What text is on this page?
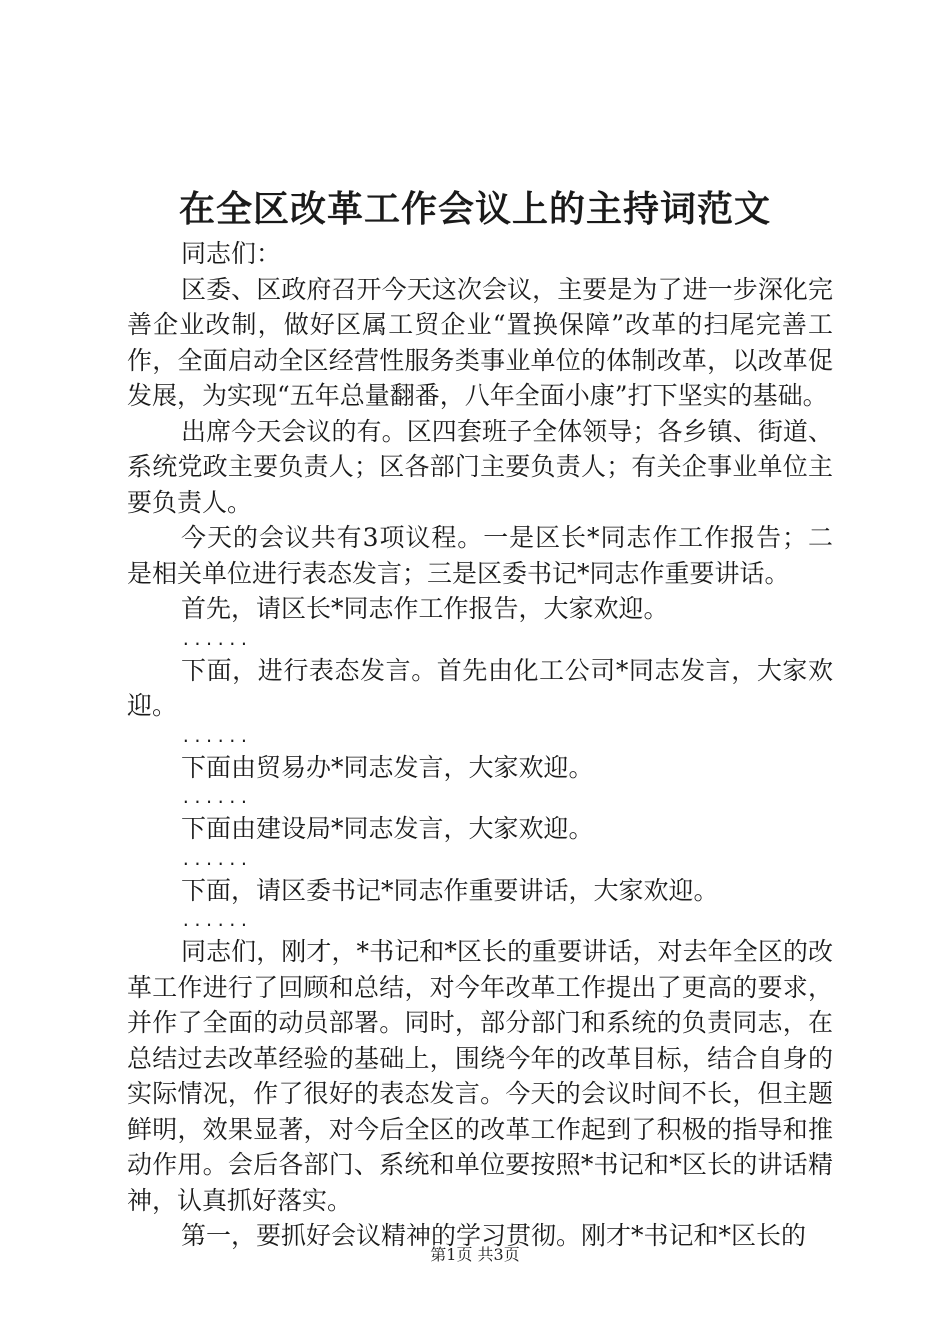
在全区改革工作会议上的主持词范文

同志们：

区委、区政府召开今天这次会议，主要是为了进一步深化完善企业改制，做好区属工贸企业“置换保障”改革的扫尾完善工作，全面启动全区经营性服务类事业单位的体制改革，以改革促发展，为实现“五年总量翻番，八年全面小康”打下坚实的基础。

出席今天会议的有。区四套班子全体领导；各乡镇、街道、系统党政主要负责人；区各部门主要负责人；有关企事业单位主要负责人。

今天的会议共有3项议程。一是区长*同志作工作报告；二是相关单位进行表态发言；三是区委书记*同志作重要讲话。

首先，请区长*同志作工作报告，大家欢迎。

......

下面，进行表态发言。首先由化工公司*同志发言，大家欢迎。

......

下面由贸易办*同志发言，大家欢迎。

......

下面由建设局*同志发言，大家欢迎。

......

下面，请区委书记*同志作重要讲话，大家欢迎。

......

同志们，刚才，*书记和*区长的重要讲话，对去年全区的改革工作进行了回顾和总结，对今年改革工作提出了更高的要求，并作了全面的动员部署。同时，部分部门和系统的负责同志，在总结过去改革经验的基础上，围绕今年的改革目标，结合自身的实际情况，作了很好的表态发言。今天的会议时间不长，但主题鲜明，效果显著，对今后全区的改革工作起到了积极的指导和推动作用。会后各部门、系统和单位要按照*书记和*区长的讲话精神，认真抓好落实。

第一，要抓好会议精神的学习贯彻。刚才*书记和*区长的

第1页 共3页
